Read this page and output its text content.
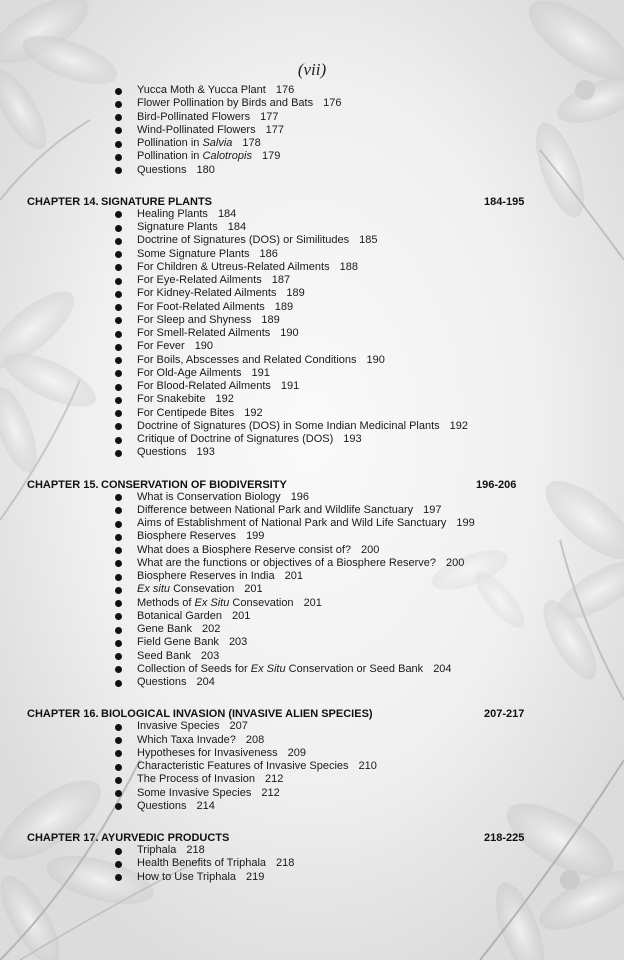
(vii)
Yucca Moth & Yucca Plant 176
Flower Pollination by Birds and Bats 176
Bird-Pollinated Flowers 177
Wind-Pollinated Flowers 177
Pollination in Salvia 178
Pollination in Calotropis 179
Questions 180
CHAPTER 14. SIGNATURE PLANTS	184-195
Healing Plants 184
Signature Plants 184
Doctrine of Signatures (DOS) or Similitudes 185
Some Signature Plants 186
For Children & Utreus-Related Ailments 188
For Eye-Related Ailments 187
For Kidney-Related Ailments 189
For Foot-Related Ailments 189
For Sleep and Shyness 189
For Smell-Related Ailments 190
For Fever 190
For Boils, Abscesses and Related Conditions 190
For Old-Age Ailments 191
For Blood-Related Ailments 191
For Snakebite 192
For Centipede Bites 192
Doctrine of Signatures (DOS) in Some Indian Medicinal Plants 192
Critique of Doctrine of Signatures (DOS) 193
Questions 193
CHAPTER 15. CONSERVATION OF BIODIVERSITY	196-206
What is Conservation Biology 196
Difference between National Park and Wildlife Sanctuary 197
Aims of Establishment of National Park and Wild Life Sanctuary 199
Biosphere Reserves 199
What does a Biosphere Reserve consist of? 200
What are the functions or objectives of a Biosphere Reserve? 200
Biosphere Reserves in India 201
Ex situ Consevation 201
Methods of Ex Situ Consevation 201
Botanical Garden 201
Gene Bank 202
Field Gene Bank 203
Seed Bank 203
Collection of Seeds for Ex Situ Conservation or Seed Bank 204
Questions 204
CHAPTER 16. BIOLOGICAL INVASION (INVASIVE ALIEN SPECIES)	207-217
Invasive Species 207
Which Taxa Invade? 208
Hypotheses for Invasiveness 209
Characteristic Features of Invasive Species 210
The Process of Invasion 212
Some Invasive Species 212
Questions 214
CHAPTER 17. AYURVEDIC PRODUCTS	218-225
Triphala 218
Health Benefits of Triphala 218
How to Use Triphala 219
